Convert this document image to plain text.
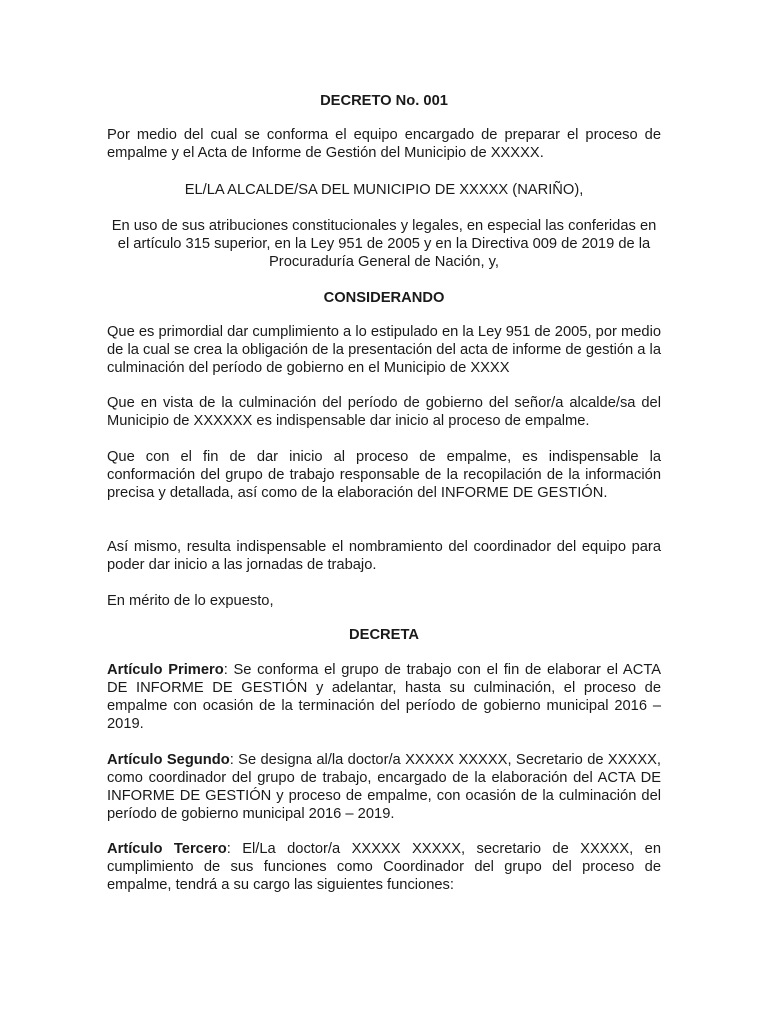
DECRETO No. 001

Por medio del cual se conforma el equipo encargado de preparar el proceso de empalme y el Acta de Informe de Gestión del Municipio de XXXXX.

EL/LA ALCALDE/SA DEL MUNICIPIO DE XXXXX (NARIÑO),

En uso de sus atribuciones constitucionales y legales, en especial las conferidas en el artículo 315 superior, en la Ley 951 de 2005 y en la Directiva 009 de 2019 de la Procuraduría General de Nación, y,

CONSIDERANDO

Que es primordial dar cumplimiento a lo estipulado en la Ley 951 de 2005, por medio de la cual se crea la obligación de la presentación del acta de informe de gestión a la culminación del período de gobierno en el Municipio de XXXX

Que en vista de la culminación del período de gobierno del señor/a alcalde/sa del Municipio de XXXXXX es indispensable dar inicio al proceso de empalme.

Que con el fin de dar inicio al proceso de empalme, es indispensable la conformación del grupo de trabajo responsable de la recopilación de la información precisa y detallada, así como de la elaboración del INFORME DE GESTIÓN.

Así mismo, resulta indispensable el nombramiento del coordinador del equipo para poder dar inicio a las jornadas de trabajo.

En mérito de lo expuesto,

DECRETA

Artículo Primero: Se conforma el grupo de trabajo con el fin de elaborar el ACTA DE INFORME DE GESTIÓN y adelantar, hasta su culminación, el proceso de empalme con ocasión de la terminación del período de gobierno municipal 2016 – 2019.

Artículo Segundo: Se designa al/la doctor/a XXXXX XXXXX, Secretario de XXXXX, como coordinador del grupo de trabajo, encargado de la elaboración del ACTA DE INFORME DE GESTIÓN y proceso de empalme, con ocasión de la culminación del período de gobierno municipal 2016 – 2019.

Artículo Tercero: El/La doctor/a XXXXX XXXXX, secretario de XXXXX, en cumplimiento de sus funciones como Coordinador del grupo del proceso de empalme, tendrá a su cargo las siguientes funciones:
